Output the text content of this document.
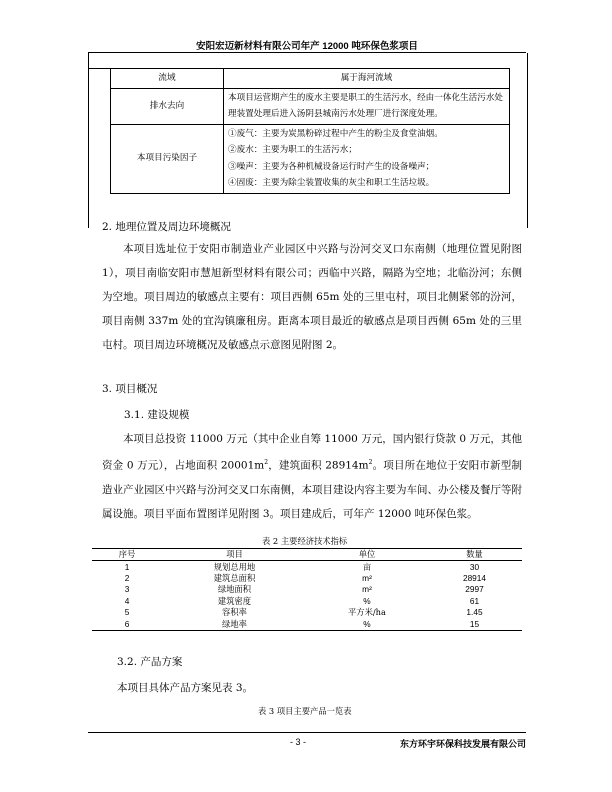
安阳宏迈新材料有限公司年产 12000 吨环保色浆项目
流域	属于海河流域
排水去向	本项目运营期产生的废水主要是职工的生活污水，经由一体化生活污水处理装置处理后进入汤阴县城南污水处理厂进行深度处理。
本项目污染因子	①废气：主要为炭黑粉碎过程中产生的粉尘及食堂油烟。
②废水：主要为职工的生活污水；
③噪声：主要为各种机械设备运行时产生的设备噪声；
④固废：主要为除尘装置收集的灰尘和职工生活垃圾。
2. 地理位置及周边环境概况
本项目选址位于安阳市制造业产业园区中兴路与汾河交叉口东南侧（地理位置见附图 1），项目南临安阳市慧旭新型材料有限公司；西临中兴路，隔路为空地；北临汾河；东侧为空地。项目周边的敏感点主要有：项目西侧 65m 处的三里屯村，项目北侧紧邻的汾河，项目南侧 337m 处的宜沟镇廉租房。距离本项目最近的敏感点是项目西侧 65m 处的三里屯村。项目周边环境概况及敏感点示意图见附图 2。
3. 项目概况
3.1. 建设规模
本项目总投资 11000 万元（其中企业自筹 11000 万元，国内银行贷款 0 万元，其他资金 0 万元），占地面积 $20001m^2$，建筑面积 $28914m^2$。项目所在地位于安阳市新型制造业产业园区中兴路与汾河交叉口东南侧，本项目建设内容主要为车间、办公楼及餐厅等附属设施。项目平面布置图详见附图 3。项目建成后，可年产 12000 吨环保色浆。
表 2 主要经济技术指标
序号	项目	单位	数量
1	规划总用地	亩	30
2	建筑总面积	m²	28914
3	绿地面积	m²	2997
4	建筑密度	%	61
5	容积率	平方米/ha	1.45
6	绿地率	%	15
3.2. 产品方案
本项目具体产品方案见表 3。
表 3 项目主要产品一览表
- 3 -	东方环宇环保科技发展有限公司
